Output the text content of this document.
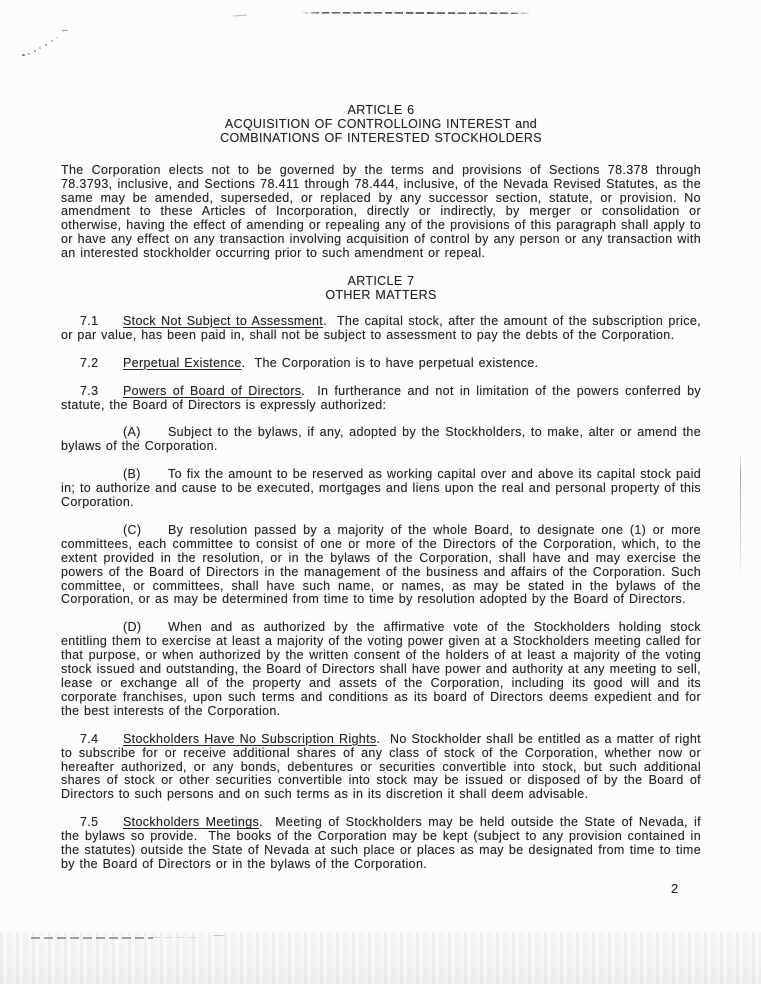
ARTICLE 6
ACQUISITION OF CONTROLLOING INTEREST and
COMBINATIONS OF INTERESTED STOCKHOLDERS

The Corporation elects not to be governed by the terms and provisions of Sections 78.378 through 78.3793, inclusive, and Sections 78.411 through 78.444, inclusive, of the Nevada Revised Statutes, as the same may be amended, superseded, or replaced by any successor section, statute, or provision. No amendment to these Articles of Incorporation, directly or indirectly, by merger or consolidation or otherwise, having the effect of amending or repealing any of the provisions of this paragraph shall apply to or have any effect on any transaction involving acquisition of control by any person or any transaction with an interested stockholder occurring prior to such amendment or repeal.

ARTICLE 7
OTHER MATTERS

7.1 Stock Not Subject to Assessment.  The capital stock, after the amount of the subscription price, or par value, has been paid in, shall not be subject to assessment to pay the debts of the Corporation.

7.2 Perpetual Existence.  The Corporation is to have perpetual existence.

7.3 Powers of Board of Directors.  In furtherance and not in limitation of the powers conferred by statute, the Board of Directors is expressly authorized:

(A) Subject to the bylaws, if any, adopted by the Stockholders, to make, alter or amend the bylaws of the Corporation.

(B) To fix the amount to be reserved as working capital over and above its capital stock paid in; to authorize and cause to be executed, mortgages and liens upon the real and personal property of this Corporation.

(C) By resolution passed by a majority of the whole Board, to designate one (1) or more committees, each committee to consist of one or more of the Directors of the Corporation, which, to the extent provided in the resolution, or in the bylaws of the Corporation, shall have and may exercise the powers of the Board of Directors in the management of the business and affairs of the Corporation. Such committee, or committees, shall have such name, or names, as may be stated in the bylaws of the Corporation, or as may be determined from time to time by resolution adopted by the Board of Directors.

(D) When and as authorized by the affirmative vote of the Stockholders holding stock entitling them to exercise at least a majority of the voting power given at a Stockholders meeting called for that purpose, or when authorized by the written consent of the holders of at least a majority of the voting stock issued and outstanding, the Board of Directors shall have power and authority at any meeting to sell, lease or exchange all of the property and assets of the Corporation, including its good will and its corporate franchises, upon such terms and conditions as its board of Directors deems expedient and for the best interests of the Corporation.

7.4 Stockholders Have No Subscription Rights.  No Stockholder shall be entitled as a matter of right to subscribe for or receive additional shares of any class of stock of the Corporation, whether now or hereafter authorized, or any bonds, debentures or securities convertible into stock, but such additional shares of stock or other securities convertible into stock may be issued or disposed of by the Board of Directors to such persons and on such terms as in its discretion it shall deem advisable.

7.5 Stockholders Meetings.  Meeting of Stockholders may be held outside the State of Nevada, if the bylaws so provide.  The books of the Corporation may be kept (subject to any provision contained in the statutes) outside the State of Nevada at such place or places as may be designated from time to time by the Board of Directors or in the bylaws of the Corporation.

2
